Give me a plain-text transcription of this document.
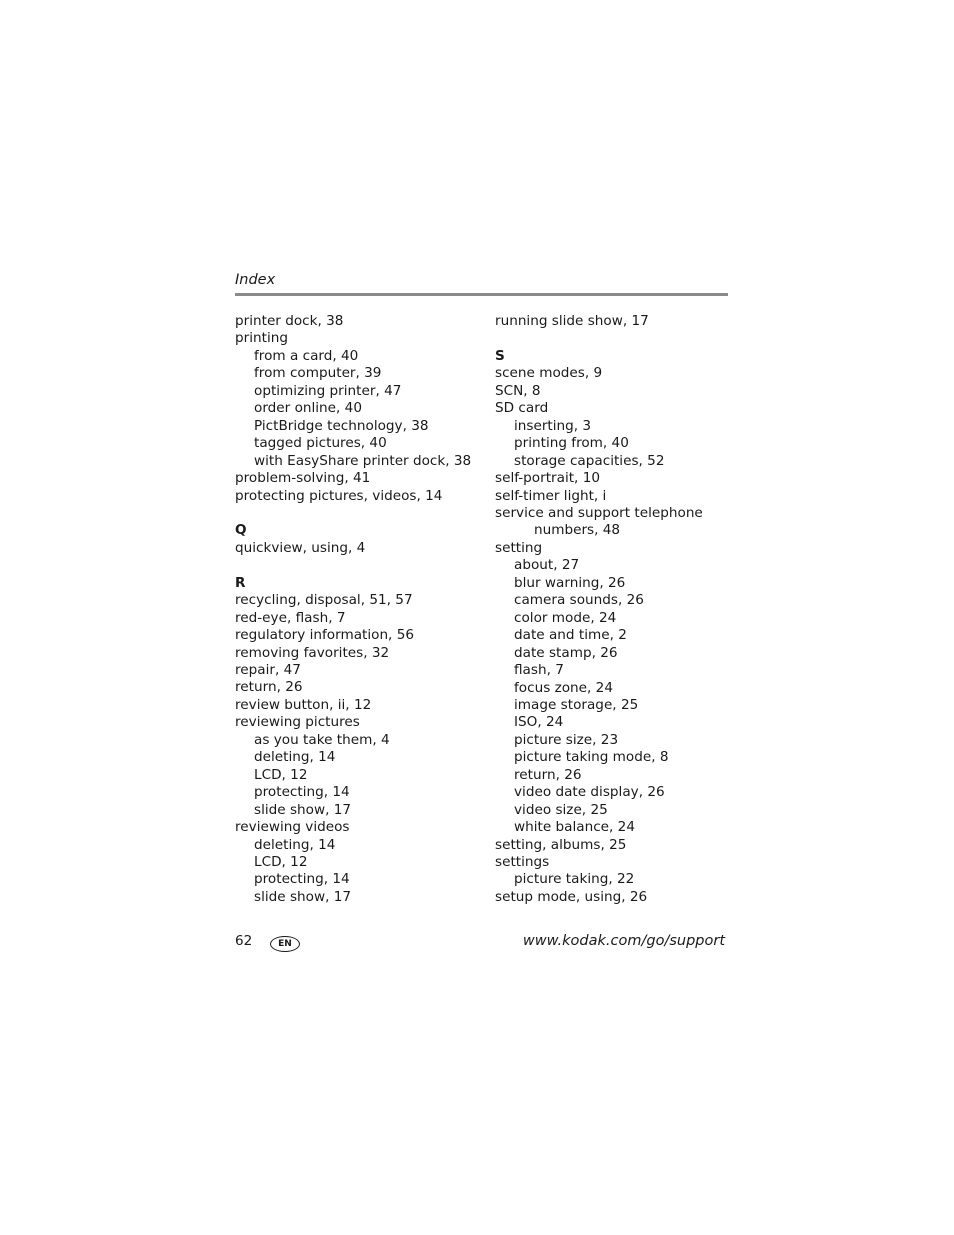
Index
printer dock, 38
printing
from a card, 40
from computer, 39
optimizing printer, 47
order online, 40
PictBridge technology, 38
tagged pictures, 40
with EasyShare printer dock, 38
problem-solving, 41
protecting pictures, videos, 14
Q
quickview, using, 4
R
recycling, disposal, 51, 57
red-eye, flash, 7
regulatory information, 56
removing favorites, 32
repair, 47
return, 26
review button, ii, 12
reviewing pictures
as you take them, 4
deleting, 14
LCD, 12
protecting, 14
slide show, 17
reviewing videos
deleting, 14
LCD, 12
protecting, 14
slide show, 17
running slide show, 17
S
scene modes, 9
SCN, 8
SD card
inserting, 3
printing from, 40
storage capacities, 52
self-portrait, 10
self-timer light, i
service and support telephone
numbers, 48
setting
about, 27
blur warning, 26
camera sounds, 26
color mode, 24
date and time, 2
date stamp, 26
flash, 7
focus zone, 24
image storage, 25
ISO, 24
picture size, 23
picture taking mode, 8
return, 26
video date display, 26
video size, 25
white balance, 24
setting, albums, 25
settings
picture taking, 22
setup mode, using, 26
62	EN	www.kodak.com/go/support
